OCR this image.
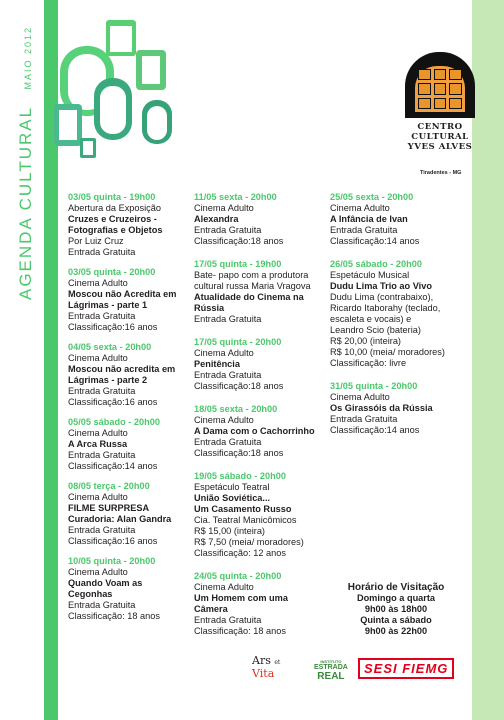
AGENDA CULTURAL MAIO 2012
CENTRO
CULTURAL
YVES ALVES
Tiradentes - MG
03/05 quinta - 19h00
Abertura da Exposição
Cruzes e Cruzeiros -
Fotografias e Objetos
Por Luiz Cruz
Entrada Gratuita
03/05 quinta - 20h00
Cinema Adulto
Moscou não Acredita em
Lágrimas - parte 1
Entrada Gratuita
Classificação:16 anos
04/05 sexta - 20h00
Cinema Adulto
Moscou não acredita em
Lágrimas - parte 2
Entrada Gratuita
Classificação:16 anos
05/05 sábado - 20h00
Cinema Adulto
A Arca Russa
Entrada Gratuita
Classificação:14 anos
08/05 terça - 20h00
Cinema Adulto
FILME SURPRESA
Curadoria: Alan Gandra
Entrada Gratuita
Classificação:16 anos
10/05 quinta - 20h00
Cinema Adulto
Quando Voam as
Cegonhas
Entrada Gratuita
Classificação: 18 anos
11/05 sexta - 20h00
Cinema Adulto
Alexandra
Entrada Gratuita
Classificação:18 anos
17/05 quinta - 19h00
Bate- papo com a produtora
cultural russa Maria Vragova
Atualidade do Cinema na
Rússia
Entrada Gratuita
17/05 quinta - 20h00
Cinema Adulto
Penitência
Entrada Gratuita
Classificação:18 anos
18/05 sexta - 20h00
Cinema Adulto
A Dama com o Cachorrinho
Entrada Gratuita
Classificação:18 anos
19/05 sábado - 20h00
Espetáculo Teatral
União Soviética...
Um Casamento Russo
Cia. Teatral Manicômicos
R$ 15,00 (inteira)
R$ 7,50 (meia/ moradores)
Classificação: 12 anos
24/05 quinta - 20h00
Cinema Adulto
Um Homem com uma
Câmera
Entrada Gratuita
Classificação: 18 anos
25/05 sexta - 20h00
Cinema Adulto
A Infância de Ivan
Entrada Gratuita
Classificação:14 anos
26/05 sábado - 20h00
Espetáculo Musical
Dudu Lima Trio ao Vivo
Dudu Lima (contrabaixo),
Ricardo Itaborahy (teclado,
escaleta e vocais) e
Leandro Scio (bateria)
R$ 20,00 (inteira)
R$ 10,00 (meia/ moradores)
Classificação: livre
31/05 quinta - 20h00
Cinema Adulto
Os Girassóis da Rússia
Entrada Gratuita
Classificação:14 anos
Horário de Visitação
Domingo a quarta
9h00 às 18h00
Quinta a sábado
9h00 às 22h00
Ars et
Vita
INSTITUTO
ESTRADA
REAL
SESI FIEMG
